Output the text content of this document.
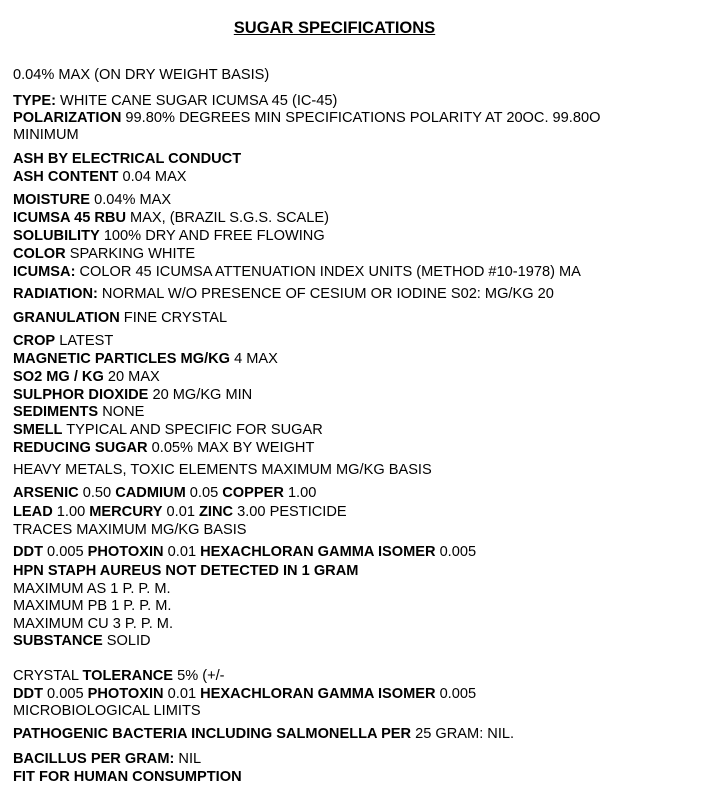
SUGAR SPECIFICATIONS
0.04% MAX (ON DRY WEIGHT BASIS)
TYPE: WHITE CANE SUGAR ICUMSA 45 (IC-45)
POLARIZATION 99.80% DEGREES MIN SPECIFICATIONS POLARITY AT 20OC. 99.80O
MINIMUM
ASH BY ELECTRICAL CONDUCT
ASH CONTENT 0.04 MAX
MOISTURE 0.04% MAX
ICUMSA 45 RBU MAX, (BRAZIL S.G.S. SCALE)
SOLUBILITY 100% DRY AND FREE FLOWING
COLOR SPARKING WHITE
ICUMSA: COLOR 45 ICUMSA ATTENUATION INDEX UNITS (METHOD #10-1978) MA
RADIATION: NORMAL W/O PRESENCE OF CESIUM OR IODINE S02: MG/KG 20
GRANULATION FINE CRYSTAL
CROP LATEST
MAGNETIC PARTICLES MG/KG 4 MAX
SO2 MG / KG 20 MAX
SULPHOR DIOXIDE 20 MG/KG MIN
SEDIMENTS NONE
SMELL TYPICAL AND SPECIFIC FOR SUGAR
REDUCING SUGAR 0.05% MAX BY WEIGHT
HEAVY METALS, TOXIC ELEMENTS MAXIMUM MG/KG BASIS
ARSENIC 0.50 CADMIUM 0.05 COPPER 1.00
LEAD 1.00 MERCURY 0.01 ZINC 3.00 PESTICIDE
TRACES MAXIMUM MG/KG BASIS
DDT 0.005 PHOTOXIN 0.01 HEXACHLORAN GAMMA ISOMER 0.005
HPN STAPH AUREUS NOT DETECTED IN 1 GRAM
MAXIMUM AS 1 P. P. M.
MAXIMUM PB 1 P. P. M.
MAXIMUM CU 3 P. P. M.
SUBSTANCE SOLID
CRYSTAL TOLERANCE 5% (+/-
DDT 0.005 PHOTOXIN 0.01 HEXACHLORAN GAMMA ISOMER 0.005
MICROBIOLOGICAL LIMITS
PATHOGENIC BACTERIA INCLUDING SALMONELLA PER 25 GRAM: NIL.
BACILLUS PER GRAM: NIL
FIT FOR HUMAN CONSUMPTION
